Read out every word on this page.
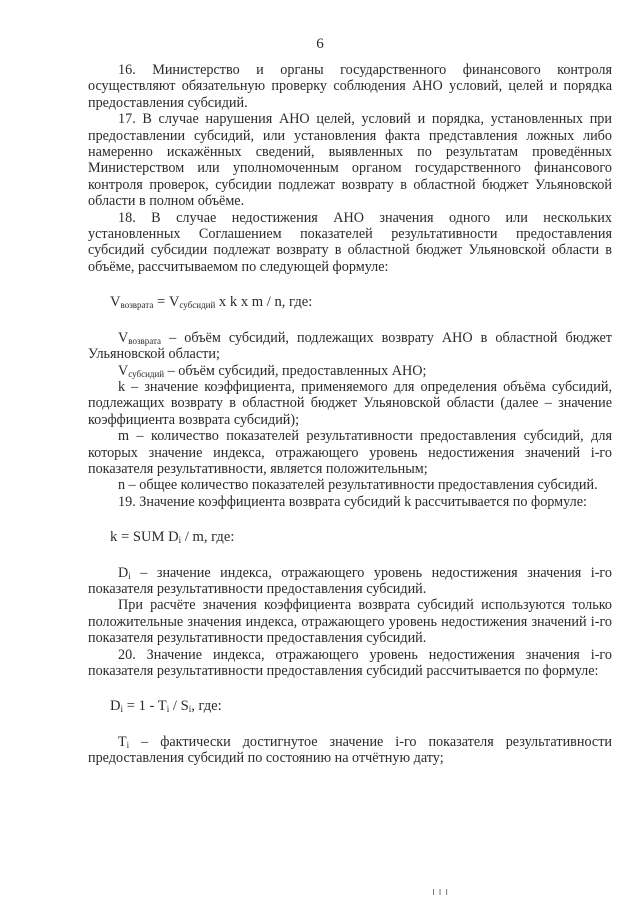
6

16. Министерство и органы государственного финансового контроля осуществляют обязательную проверку соблюдения АНО условий, целей и порядка предоставления субсидий.

17. В случае нарушения АНО целей, условий и порядка, установленных при предоставлении субсидий, или установления факта представления ложных либо намеренно искажённых сведений, выявленных по результатам проведённых Министерством или уполномоченным органом государственного финансового контроля проверок, субсидии подлежат возврату в областной бюджет Ульяновской области в полном объёме.

18. В случае недостижения АНО значения одного или нескольких установленных Соглашением показателей результативности предоставления субсидий субсидии подлежат возврату в областной бюджет Ульяновской области в объёме, рассчитываемом по следующей формуле:

$V_{возврата} = V_{субсидий}$ х k х m / n, где:

$V_{возврата}$ – объём субсидий, подлежащих возврату АНО в областной бюджет Ульяновской области;

$V_{субсидий}$ – объём субсидий, предоставленных АНО;

k – значение коэффициента, применяемого для определения объёма субсидий, подлежащих возврату в областной бюджет Ульяновской области (далее – значение коэффициента возврата субсидий);

m – количество показателей результативности предоставления субсидий, для которых значение индекса, отражающего уровень недостижения значений i-го показателя результативности, является положительным;

n – общее количество показателей результативности предоставления субсидий.

19. Значение коэффициента возврата субсидий k рассчитывается по формуле:

k = SUM $D_i$ / m, где:

$D_i$ – значение индекса, отражающего уровень недостижения значения i-го показателя результативности предоставления субсидий.

При расчёте значения коэффициента возврата субсидий используются только положительные значения индекса, отражающего уровень недостижения значений i-го показателя результативности предоставления субсидий.

20. Значение индекса, отражающего уровень недостижения значения i-го показателя результативности предоставления субсидий рассчитывается по формуле:

$D_i = 1 - T_i / S_i$, где:

$T_i$ – фактически достигнутое значение i-го показателя результативности предоставления субсидий по состоянию на отчётную дату;

ı ı ı
